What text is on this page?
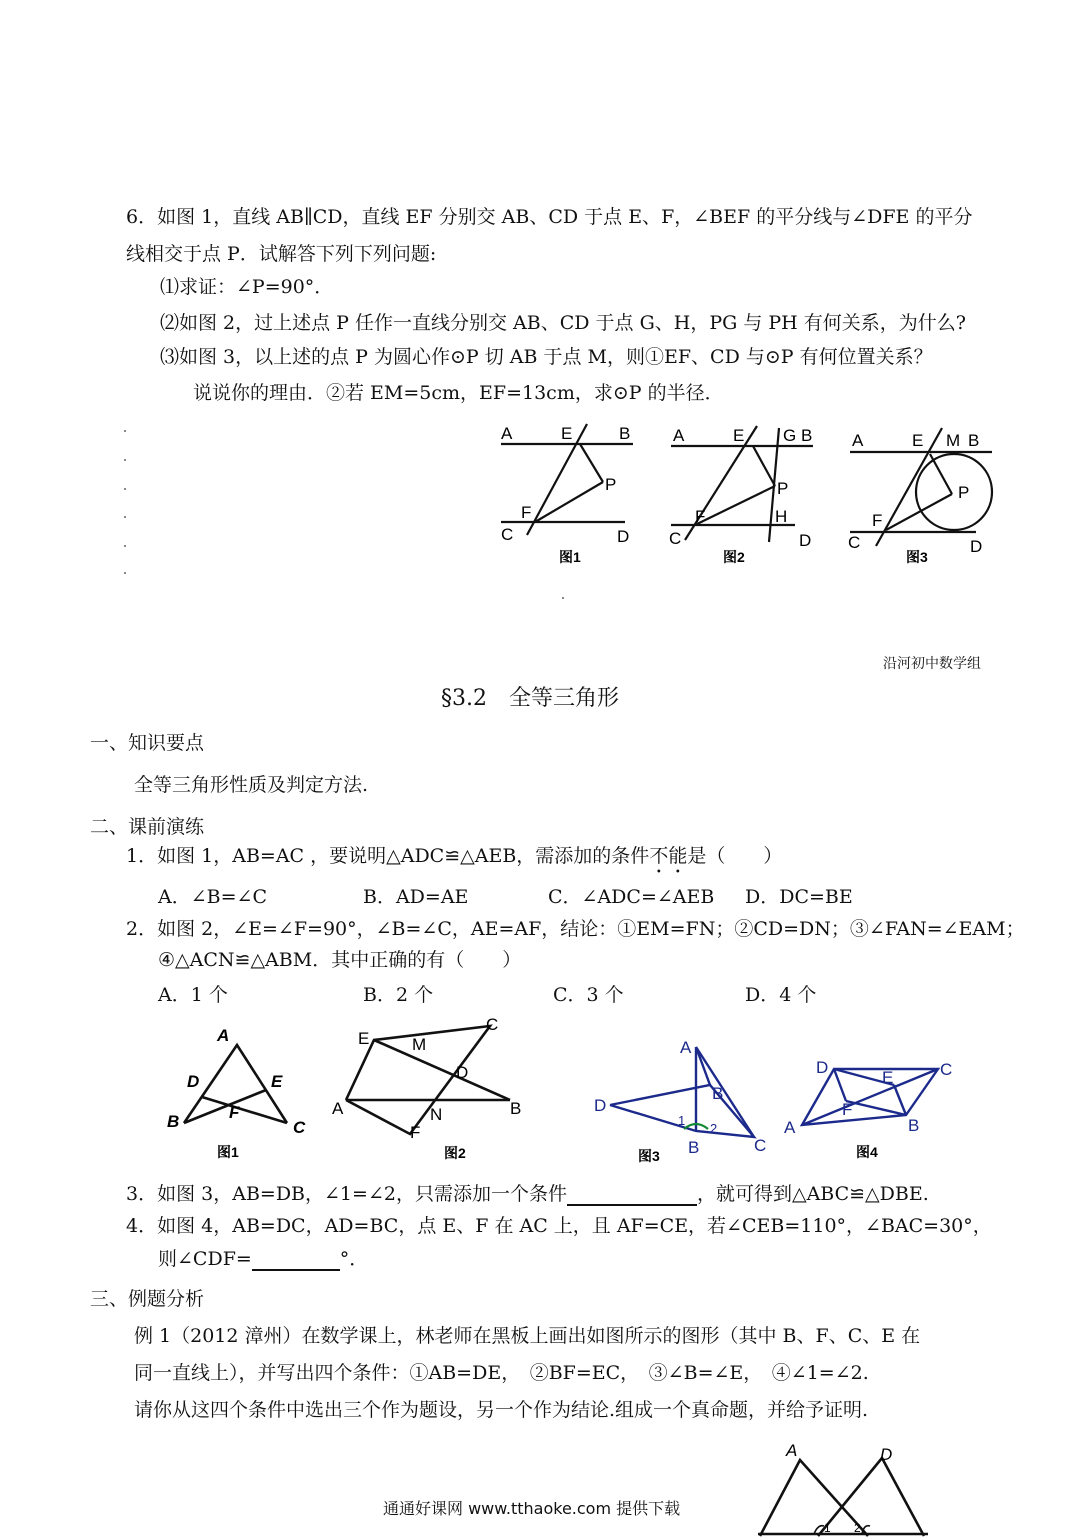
6．如图 1，直线 AB∥CD，直线 EF 分别交 AB、CD 于点 E、F，∠BEF 的平分线与∠DFE 的平分
线相交于点 P．试解答下列下列问题:
⑴求证：∠P=90°．
⑵如图 2，过上述点 P 任作一直线分别交 AB、CD 于点 G、H，PG 与 PH 有何关系，为什么?
⑶如图 3，以上述的点 P 为圆心作⊙P 切 AB 于点 M，则①EF、CD 与⊙P 有何位置关系？
说说你的理由．②若 EM=5cm，EF=13cm，求⊙P 的半径．
A	E	B
P
F
C	D
图1
A	E G B
P
F	H
C	D
图2
A	E M B
P
F
C	D
图3
沿河初中数学组
§3.2　全等三角形
一、知识要点
全等三角形性质及判定方法.
二、课前演练
1．如图 1，AB=AC ，要说明△ADC≌△AEB，需添加的条件不能是（　　）
A．∠B=∠C	B．AD=AE	C．∠ADC=∠AEB D．DC=BE
2．如图 2，∠E=∠F=90°，∠B=∠C，AE=AF，结论：①EM=FN；②CD=DN；③∠FAN=∠EAM；
④△ACN≌△ABM．其中正确的有（　　）
A．1 个	B．2 个	C．3 个	D．4 个
A
D	E
F
B	C
图1
E	M
C
D
A	N	B
F
图2
A
B
D
1
2
B	C
图3
D	C
E
F
A	B
图4
3．如图 3，AB=DB，∠1=∠2，只需添加一个条件	，就可得到△ABC≌△DBE.
4．如图 4，AB=DC，AD=BC，点 E、F 在 AC 上，且 AF=CE，若∠CEB=110°，∠BAC=30°，
则∠CDF=	°．
三、例题分析
例 1（2012 漳州）在数学课上，林老师在黑板上画出如图所示的图形（其中 B、F、C、E 在
同一直线上），并写出四个条件：①AB=DE，　②BF=EC，　③∠B=∠E，　④∠1=∠2.
请你从这四个条件中选出三个作为题设，另一个作为结论.组成一个真命题，并给予证明.
A	D
1 2
通通好课网 www.tthaoke.com 提供下载
